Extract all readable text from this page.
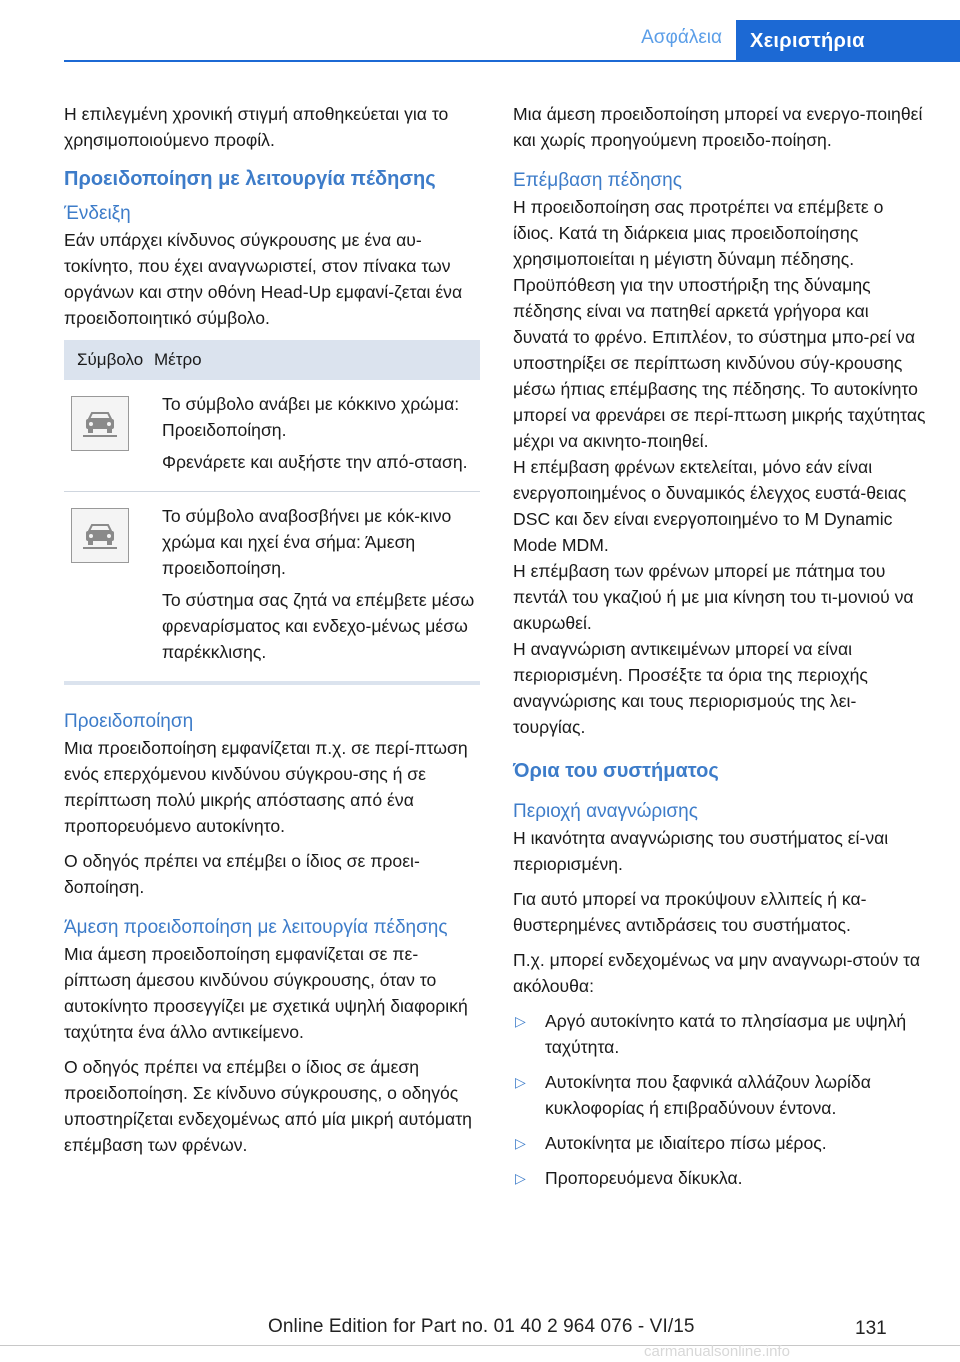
Ασφάλεια	Χειριστήρια

Η επιλεγμένη χρονική στιγμή αποθηκεύεται για το χρησιμοποιούμενο προφίλ.

Προειδοποίηση με λειτουργία πέδησης
Ένδειξη

Εάν υπάρχει κίνδυνος σύγκρουσης με ένα αυ‐τοκίνητο, που έχει αναγνωριστεί, στον πίνακα των οργάνων και στην οθόνη Head-Up εμφανί‐ζεται ένα προειδοποιητικό σύμβολο.

Σύμβολο Μέτρο

Το σύμβολο ανάβει με κόκκινο χρώμα: Προειδοποίηση.

Φρενάρετε και αυξήστε την από‐σταση.

Το σύμβολο αναβοσβήνει με κόκ‐κινο χρώμα και ηχεί ένα σήμα: Άμεση προειδοποίηση.

Το σύστημα σας ζητά να επέμβετε μέσω φρεναρίσματος και ενδεχο‐μένως μέσω παρέκκλισης.

Προειδοποίηση

Μια προειδοποίηση εμφανίζεται π.χ. σε περί‐πτωση ενός επερχόμενου κινδύνου σύγκρου‐σης ή σε περίπτωση πολύ μικρής απόστασης από ένα προπορευόμενο αυτοκίνητο.

Ο οδηγός πρέπει να επέμβει ο ίδιος σε προει‐δοποίηση.

Άμεση προειδοποίηση με λειτουργία πέδησης

Μια άμεση προειδοποίηση εμφανίζεται σε πε‐ρίπτωση άμεσου κινδύνου σύγκρουσης, όταν το αυτοκίνητο προσεγγίζει με σχετικά υψηλή διαφορική ταχύτητα ένα άλλο αντικείμενο.

Ο οδηγός πρέπει να επέμβει ο ίδιος σε άμεση προειδοποίηση. Σε κίνδυνο σύγκρουσης, ο οδηγός υποστηρίζεται ενδεχομένως από μία μικρή αυτόματη επέμβαση των φρένων.

Μια άμεση προειδοποίηση μπορεί να ενεργο‐ποιηθεί και χωρίς προηγούμενη προειδο‐ποίηση.

Επέμβαση πέδησης

Η προειδοποίηση σας προτρέπει να επέμβετε ο ίδιος. Κατά τη διάρκεια μιας προειδοποίησης χρησιμοποιείται η μέγιστη δύναμη πέδησης. Προϋπόθεση για την υποστήριξη της δύναμης πέδησης είναι να πατηθεί αρκετά γρήγορα και δυνατά το φρένο. Επιπλέον, το σύστημα μπο‐ρεί να υποστηρίξει σε περίπτωση κινδύνου σύγ‐κρουσης μέσω ήπιας επέμβασης της πέδησης. Το αυτοκίνητο μπορεί να φρενάρει σε περί‐πτωση μικρής ταχύτητας μέχρι να ακινητο‐ποιηθεί.

Η επέμβαση φρένων εκτελείται, μόνο εάν είναι ενεργοποιημένος ο δυναμικός έλεγχος ευστά‐θειας DSC και δεν είναι ενεργοποιημένο το M Dynamic Mode MDM.

Η επέμβαση των φρένων μπορεί με πάτημα του πεντάλ του γκαζιού ή με μια κίνηση του τι‐μονιού να ακυρωθεί.

Η αναγνώριση αντικειμένων μπορεί να είναι περιορισμένη. Προσέξτε τα όρια της περιοχής αναγνώρισης και τους περιορισμούς της λει‐τουργίας.

Όρια του συστήματος
Περιοχή αναγνώρισης

Η ικανότητα αναγνώρισης του συστήματος εί‐ναι περιορισμένη.

Για αυτό μπορεί να προκύψουν ελλιπείς ή κα‐θυστερημένες αντιδράσεις του συστήματος.

Π.χ. μπορεί ενδεχομένως να μην αναγνωρι‐στούν τα ακόλουθα:

▷	Αργό αυτοκίνητο κατά το πλησίασμα με υψηλή ταχύτητα.
▷	Αυτοκίνητα που ξαφνικά αλλάζουν λωρίδα κυκλοφορίας ή επιβραδύνουν έντονα.
▷	Αυτοκίνητα με ιδιαίτερο πίσω μέρος.
▷	Προπορευόμενα δίκυκλα.
Online Edition for Part no. 01 40 2 964 076 - VI/15	131
carmanualsonline.info
